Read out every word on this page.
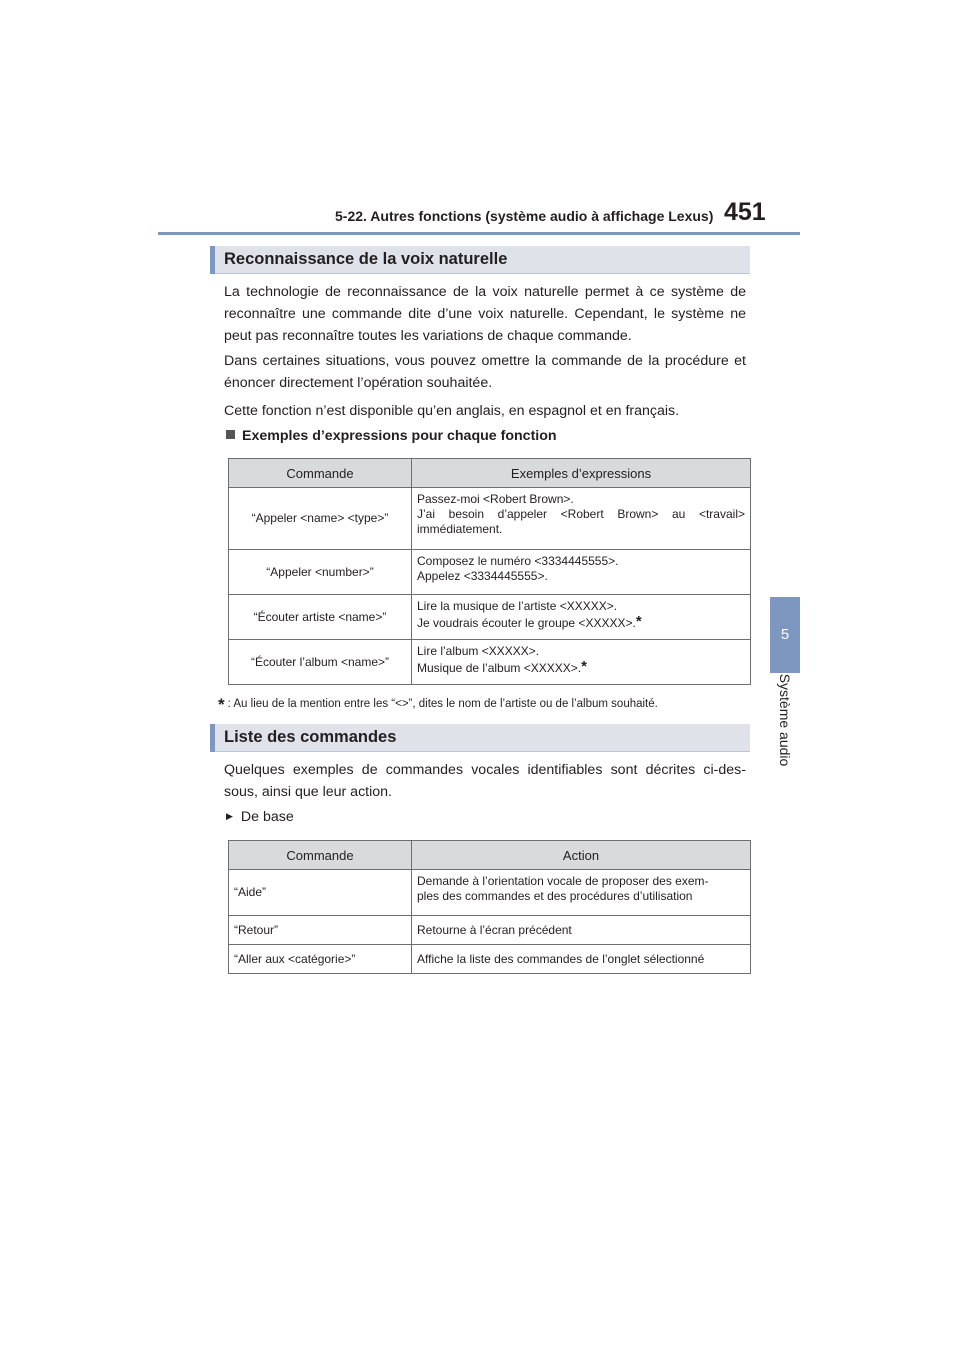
5-22. Autres fonctions (système audio à affichage Lexus) 451
5
Système audio
Reconnaissance de la voix naturelle

La technologie de reconnaissance de la voix naturelle permet à ce système de reconnaître une commande dite d’une voix naturelle. Cependant, le système ne peut pas reconnaître toutes les variations de chaque commande.

Dans certaines situations, vous pouvez omettre la commande de la procédure et énoncer directement l’opération souhaitée.

Cette fonction n’est disponible qu’en anglais, en espagnol et en français.

Exemples d’expressions pour chaque fonction
Commande	Exemples d’expressions
“Appeler <name> <type>”	Passez-moi <Robert Brown>.
J’ai besoin d’appeler <Robert Brown> au <travail>
immédiatement.

“Appeler <number>”	Composez le numéro <3334445555>.
Appelez <3334445555>.

“Écouter artiste <name>”	Lire la musique de l’artiste <XXXXX>.
Je voudrais écouter le groupe <XXXXX>.*

“Écouter l’album <name>”	Lire l’album <XXXXX>.
Musique de l’album <XXXXX>.*
* : Au lieu de la mention entre les “<>”, dites le nom de l’artiste ou de l’album souhaité.
Liste des commandes

Quelques exemples de commandes vocales identifiables sont décrites ci-des- sous, ainsi que leur action.

▶ De base
Commande	Action
“Aide”	Demande à l’orientation vocale de proposer des exem-
ples des commandes et des procédures d’utilisation

“Retour”	Retourne à l’écran précédent

“Aller aux <catégorie>”	Affiche la liste des commandes de l’onglet sélectionné
